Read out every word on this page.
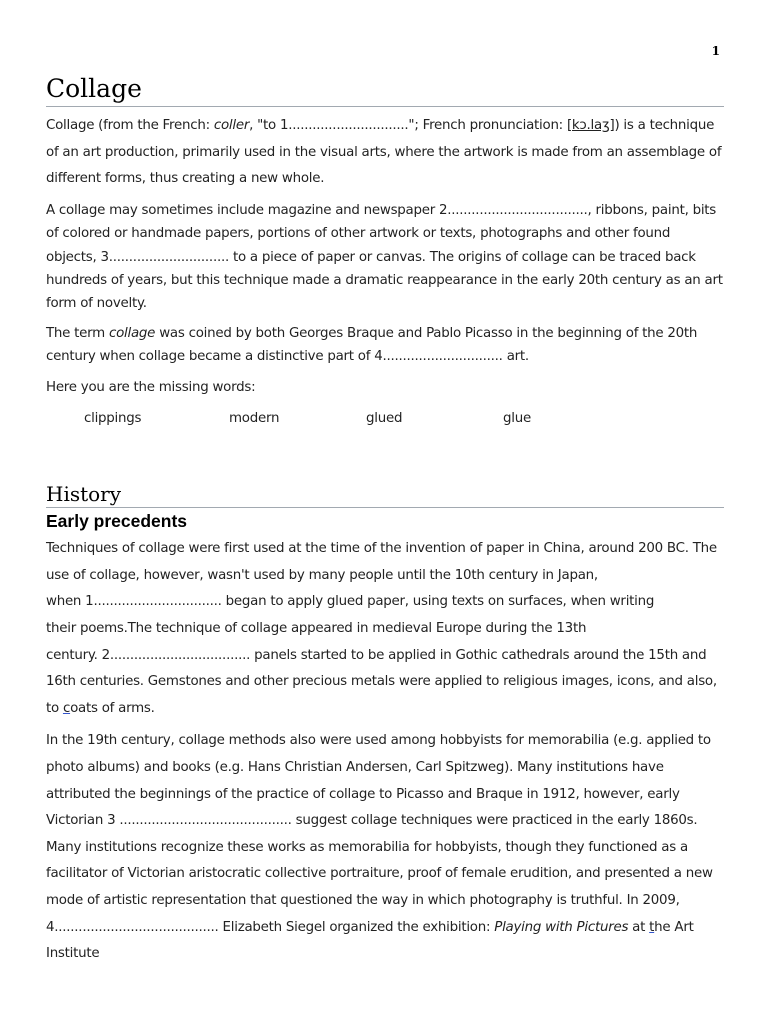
1
Collage

Collage (from the French: coller, "to 1.............................."; French pronunciation: [kɔ.laʒ]) is a technique of an art production, primarily used in the visual arts, where the artwork is made from an assemblage of different forms, thus creating a new whole.

A collage may sometimes include magazine and newspaper 2..................................., ribbons, paint, bits of colored or handmade papers, portions of other artwork or texts, photographs and other found objects, 3.............................. to a piece of paper or canvas. The origins of collage can be traced back hundreds of years, but this technique made a dramatic reappearance in the early 20th century as an art form of novelty.

The term collage was coined by both Georges Braque and Pablo Picasso in the beginning of the 20th century when collage became a distinctive part of 4.............................. art.

Here you are the missing words:

clippings	modern	glued	glue
History
Early precedents

Techniques of collage were first used at the time of the invention of paper in China, around 200 BC. The use of collage, however, wasn't used by many people until the 10th century in Japan,
when 1................................ began to apply glued paper, using texts on surfaces, when writing
their poems.The technique of collage appeared in medieval Europe during the 13th
century. 2................................... panels started to be applied in Gothic cathedrals around the 15th and 16th centuries. Gemstones and other precious metals were applied to religious images, icons, and also,
to coats of arms.

In the 19th century, collage methods also were used among hobbyists for memorabilia (e.g. applied to photo albums) and books (e.g. Hans Christian Andersen, Carl Spitzweg). Many institutions have attributed the beginnings of the practice of collage to Picasso and Braque in 1912, however, early Victorian 3 ........................................... suggest collage techniques were practiced in the early 1860s. Many institutions recognize these works as memorabilia for hobbyists, though they functioned as a facilitator of Victorian aristocratic collective portraiture, proof of female erudition, and presented a new mode of artistic representation that questioned the way in which photography is truthful. In 2009, 4......................................... Elizabeth Siegel organized the exhibition: Playing with Pictures at the Art Institute
